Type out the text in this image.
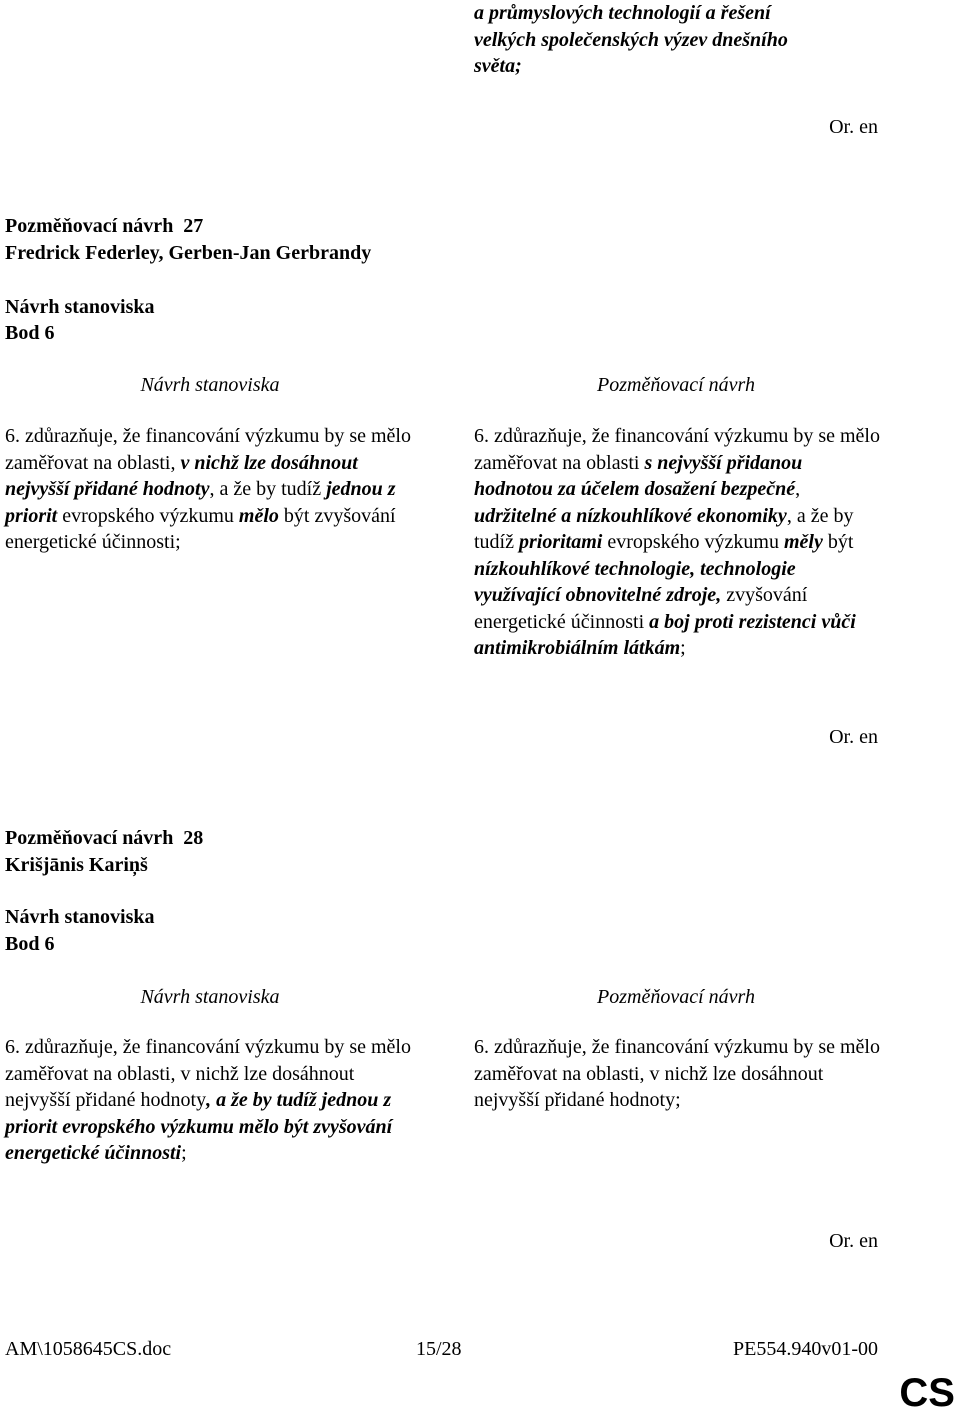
a průmyslových technologií a řešení
velkých společenských výzev dnešního
světa;
Or. en
Pozměňovací návrh  27
Fredrick Federley, Gerben-Jan Gerbrandy
Návrh stanoviska
Bod 6
Návrh stanoviska	Pozměňovací návrh
6. zdůrazňuje, že financování výzkumu by se mělo zaměřovat na oblasti, v nichž lze dosáhnout nejvyšší přidané hodnoty, a že by tudíž jednou z priorit evropského výzkumu mělo být zvyšování energetické účinnosti;
6. zdůrazňuje, že financování výzkumu by se mělo zaměřovat na oblasti s nejvyšší přidanou hodnotou za účelem dosažení bezpečné, udržitelné a nízkouhlíkové ekonomiky, a že by tudíž prioritami evropského výzkumu měly být nízkouhlíkové technologie, technologie využívající obnovitelné zdroje, zvyšování energetické účinnosti a boj proti rezistenci vůči antimikrobiálním látkám;
Or. en
Pozměňovací návrh  28
Krišjānis Kariņš
Návrh stanoviska
Bod 6
Návrh stanoviska	Pozměňovací návrh
6. zdůrazňuje, že financování výzkumu by se mělo zaměřovat na oblasti, v nichž lze dosáhnout nejvyšší přidané hodnoty, a že by tudíž jednou z priorit evropského výzkumu mělo být zvyšování energetické účinnosti;
6. zdůrazňuje, že financování výzkumu by se mělo zaměřovat na oblasti, v nichž lze dosáhnout nejvyšší přidané hodnoty;
Or. en
AM\1058645CS.doc	15/28	PE554.940v01-00
CS
